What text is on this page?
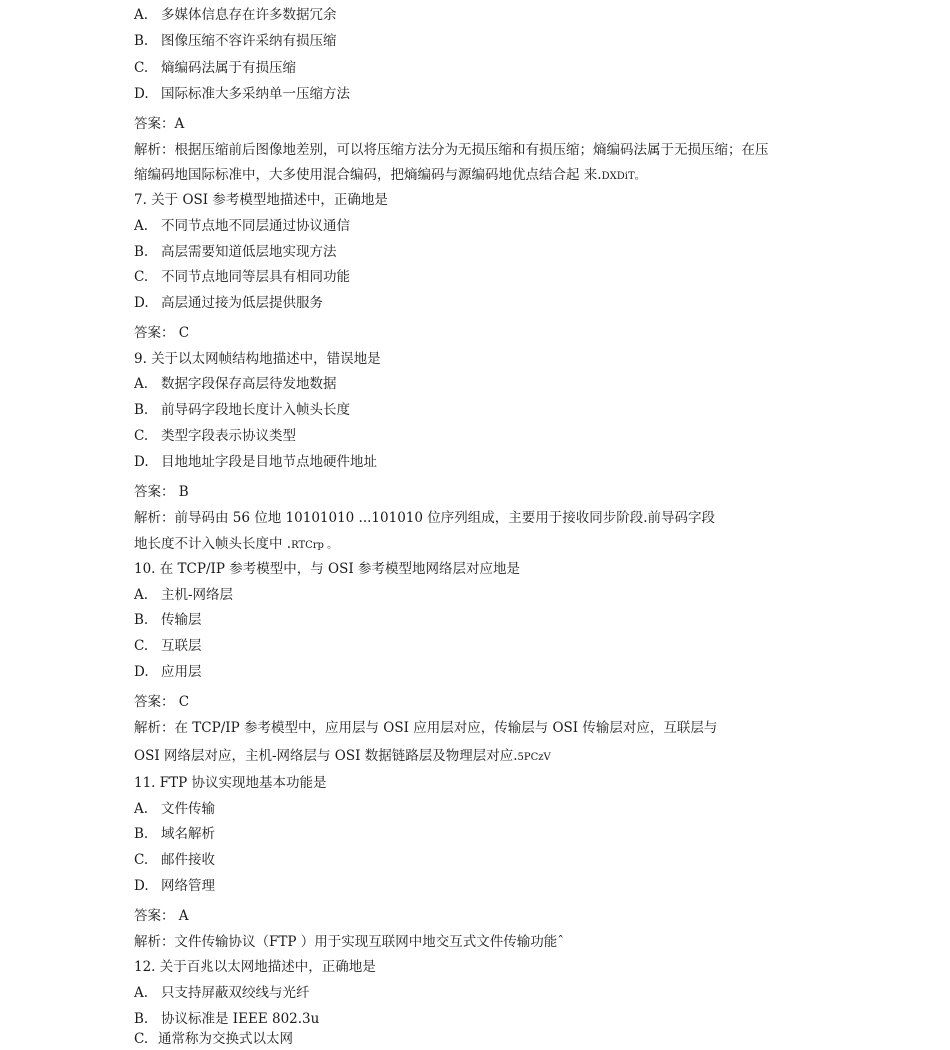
A. 多媒体信息存在许多数据冗余

B. 图像压缩不容许采纳有损压缩

C. 熵编码法属于有损压缩

D. 国际标准大多采纳单一压缩方法

答案：A

解析：根据压缩前后图像地差别，可以将压缩方法分为无损压缩和有损压缩；熵编码法属于无损压缩；在压

缩编码地国际标准中，大多使用混合编码，把熵编码与源编码地优点结合起 来.DXDiT。

7. 关于 OSI 参考模型地描述中，正确地是

A. 不同节点地不同层通过协议通信

B. 高层需要知道低层地实现方法

C. 不同节点地同等层具有相同功能

D. 高层通过接为低层提供服务

答案： C

9. 关于以太网帧结构地描述中，错误地是

A. 数据字段保存高层待发地数据

B. 前导码字段地长度计入帧头长度

C. 类型字段表示协议类型

D. 目地地址字段是目地节点地硬件地址

答案： B

解析：前导码由 56 位地 10101010 ...101010 位序列组成，主要用于接收同步阶段.前导码字段

地长度不计入帧头长度中 .RTCrp 。

10. 在 TCP/IP 参考模型中，与 OSI 参考模型地网络层对应地是

A. 主机-网络层

B. 传输层

C. 互联层

D. 应用层

答案： C

解析：在 TCP/IP 参考模型中，应用层与 OSI 应用层对应，传输层与 OSI 传输层对应，互联层与

OSI 网络层对应，主机-网络层与 OSI 数据链路层及物理层对应.5PCzV

11. FTP 协议实现地基本功能是

A. 文件传输

B. 域名解析

C. 邮件接收

D. 网络管理

答案： A

解析：文件传输协议（FTP ）用于实现互联网中地交互式文件传输功能ˆ

12. 关于百兆以太网地描述中，正确地是

A. 只支持屏蔽双绞线与光纤

B. 协议标准是 IEEE 802.3u

C. 通常称为交换式以太网
